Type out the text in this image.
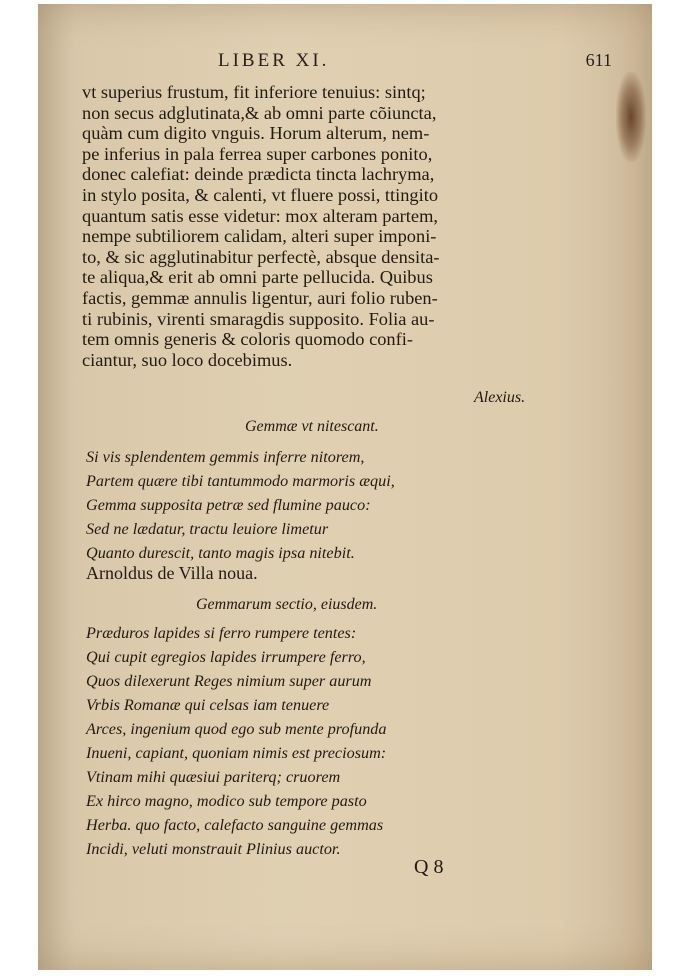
LIBER XI.	611

vt superius frustum, fit inferiore tenuius: sintq;

non secus adglutinata,& ab omni parte cõiuncta,

quàm cum digito vnguis. Horum alterum, nem-

pe inferius in pala ferrea super carbones ponito,

donec calefiat: deinde prædicta tincta lachryma,

in stylo posita, & calenti, vt fluere possi, ttingito

quantum satis esse videtur: mox alteram partem,

nempe subtiliorem calidam, alteri super imponi-

to, & sic agglutinabitur perfectè, absque densita-

te aliqua,& erit ab omni parte pellucida. Quibus

factis, gemmæ annulis ligentur, auri folio ruben-

ti rubinis, virenti smaragdis supposito. Folia au-

tem omnis generis & coloris quomodo confi-

ciantur, suo loco docebimus.

Alexius.
Gemmæ vt nitescant.

Si vis splendentem gemmis inferre nitorem,

Partem quære tibi tantummodo marmoris æqui,

Gemma supposita petræ sed flumine pauco:

Sed ne lædatur, tractu leuiore limetur

Quanto durescit, tanto magis ipsa nitebit.

Arnoldus de Villa noua.
Gemmarum sectio, eiusdem.

Præduros lapides si ferro rumpere tentes:

Qui cupit egregios lapides irrumpere ferro,

Quos dilexerunt Reges nimium super aurum

Vrbis Romanæ qui celsas iam tenuere

Arces, ingenium quod ego sub mente profunda

Inueni, capiant, quoniam nimis est preciosum:

Vtinam mihi quæsiui pariterq; cruorem

Ex hirco magno, modico sub tempore pasto

Herba. quo facto, calefacto sanguine gemmas

Incidi, veluti monstrauit Plinius auctor.

Q 8
